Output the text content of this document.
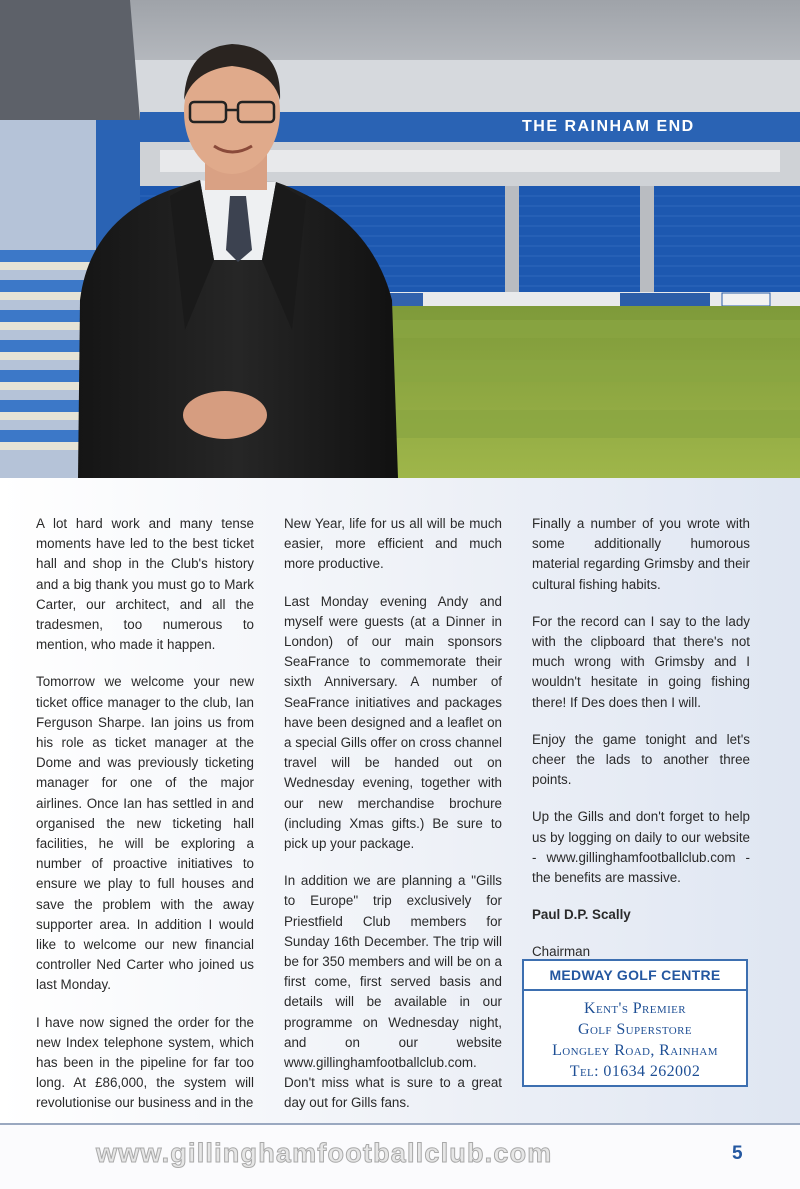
THE RAINHAM END

A lot hard work and many tense moments have led to the best ticket hall and shop in the Club's history and a big thank you must go to Mark Carter, our architect, and all the tradesmen, too numerous to mention, who made it happen.

Tomorrow we welcome your new ticket office manager to the club, Ian Ferguson Sharpe. Ian joins us from his role as ticket manager at the Dome and was previously ticketing manager for one of the major airlines. Once Ian has settled in and organised the new ticketing hall facilities, he will be exploring a number of proactive initiatives to ensure we play to full houses and save the problem with the away supporter area. In addition I would like to welcome our new financial controller Ned Carter who joined us last Monday.

I have now signed the order for the new Index telephone system, which has been in the pipeline for far too long. At £86,000, the system will revolutionise our business and in the

New Year, life for us all will be much easier, more efficient and much more productive.

Last Monday evening Andy and myself were guests (at a Dinner in London) of our main sponsors SeaFrance to commemorate their sixth Anniversary. A number of SeaFrance initiatives and packages have been designed and a leaflet on a special Gills offer on cross channel travel will be handed out on Wednesday evening, together with our new merchandise brochure (including Xmas gifts.) Be sure to pick up your package.

In addition we are planning a "Gills to Europe" trip exclusively for Priestfield Club members for Sunday 16th December. The trip will be for 350 members and will be on a first come, first served basis and details will be available in our programme on Wednesday night, and on our website www.gillinghamfootballclub.com. Don't miss what is sure to a great day out for Gills fans.

Finally a number of you wrote with some additionally humorous material regarding Grimsby and their cultural fishing habits.

For the record can I say to the lady with the clipboard that there's not much wrong with Grimsby and I wouldn't hesitate in going fishing there! If Des does then I will.

Enjoy the game tonight and let's cheer the lads to another three points.

Up the Gills and don't forget to help us by logging on daily to our website - www.gillinghamfootballclub.com - the benefits are massive.

Paul D.P. Scally

Chairman

MEDWAY GOLF CENTRE
Kent's Premier
Golf Superstore
Longley Road, Rainham
Tel: 01634 262002
www.gillinghamfootballclub.com	5
